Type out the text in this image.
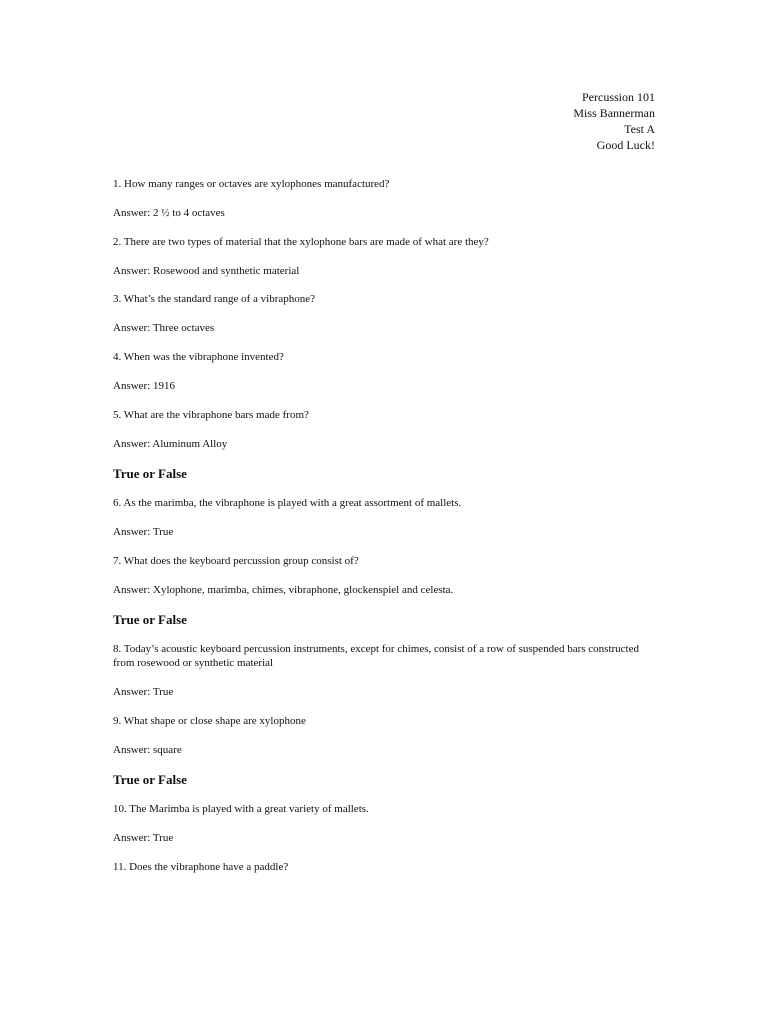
Percussion 101
Miss Bannerman
Test A
Good Luck!

1. How many ranges or octaves are xylophones manufactured?

Answer: 2 ½ to 4 octaves

2. There are two types of material that the xylophone bars are made of what are they?

Answer: Rosewood and synthetic material

3. What’s the standard range of a vibraphone?

Answer: Three octaves

4. When was the vibraphone invented?

Answer: 1916

5. What are the vibraphone bars made from?

Answer: Aluminum Alloy

True or False

6. As the marimba, the vibraphone is played with a great assortment of mallets.

Answer: True

7. What does the keyboard percussion group consist of?

Answer: Xylophone, marimba, chimes, vibraphone, glockenspiel and celesta.

True or False

8. Today’s acoustic keyboard percussion instruments, except for chimes, consist of a row of suspended bars constructed from rosewood or synthetic material

Answer: True

9. What shape or close shape are xylophone

Answer: square

True or False

10. The Marimba is played with a great variety of mallets.

Answer: True

11. Does the vibraphone have a paddle?
